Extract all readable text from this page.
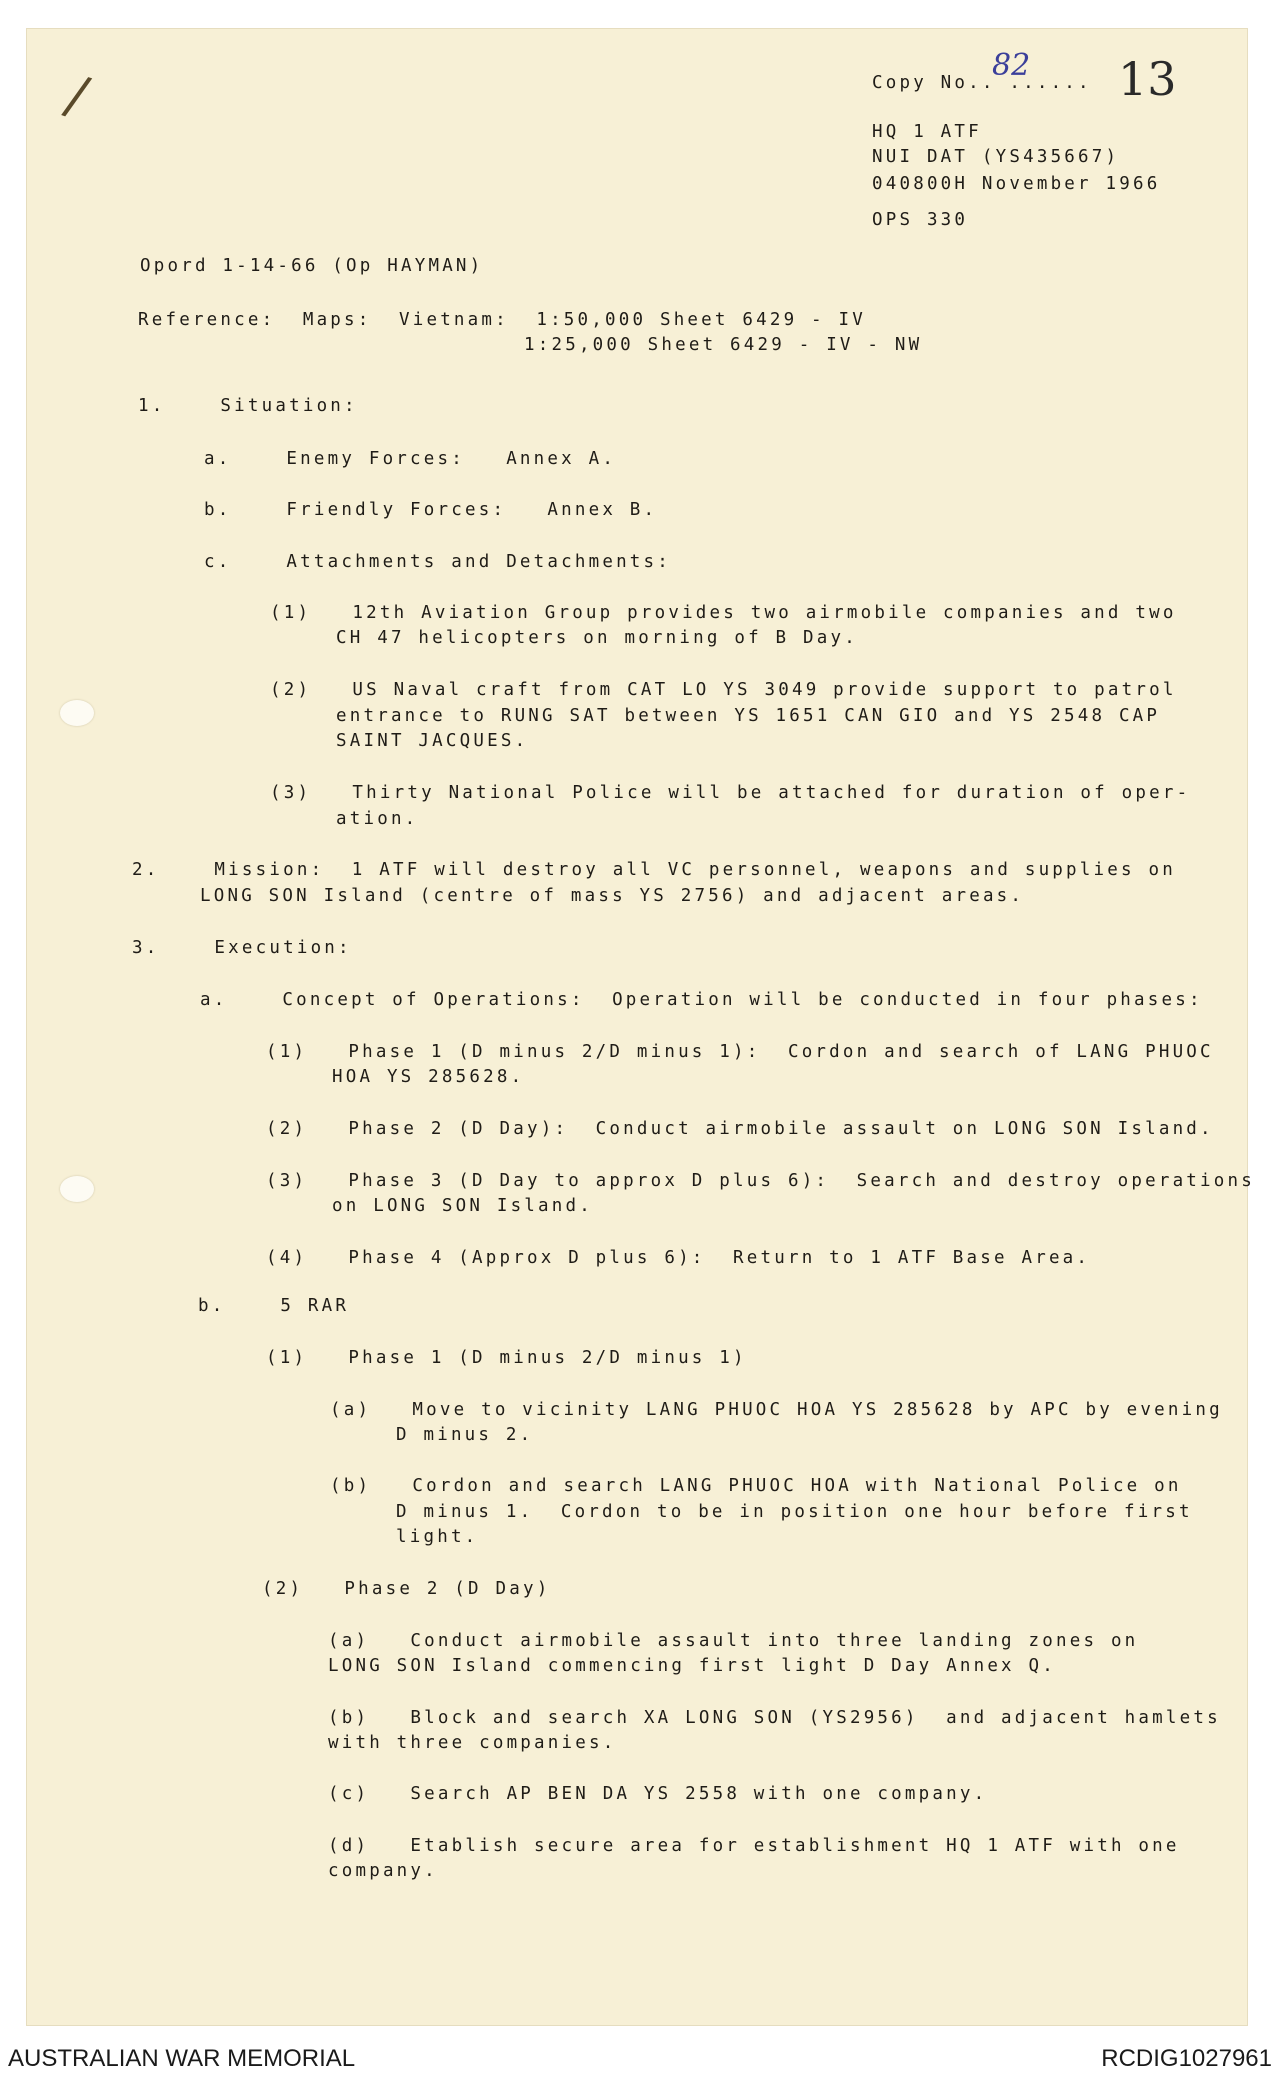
/	Copy No.. ......
82 13
HQ 1 ATF
NUI DAT (YS435667)
040800H November 1966
OPS 330
Opord 1-14-66 (Op HAYMAN)
Reference:  Maps:  Vietnam:  1:50,000 Sheet 6429 - IV
1:25,000 Sheet 6429 - IV - NW
1.    Situation:
a.    Enemy Forces:   Annex A.
b.    Friendly Forces:   Annex B.
c.    Attachments and Detachments:
(1)   12th Aviation Group provides two airmobile companies and two
CH 47 helicopters on morning of B Day.
(2)   US Naval craft from CAT LO YS 3049 provide support to patrol
entrance to RUNG SAT between YS 1651 CAN GIO and YS 2548 CAP
SAINT JACQUES.
(3)   Thirty National Police will be attached for duration of oper-
ation.
2.    Mission:  1 ATF will destroy all VC personnel, weapons and supplies on
LONG SON Island (centre of mass YS 2756) and adjacent areas.
3.    Execution:
a.    Concept of Operations:  Operation will be conducted in four phases:
(1)   Phase 1 (D minus 2/D minus 1):  Cordon and search of LANG PHUOC
HOA YS 285628.
(2)   Phase 2 (D Day):  Conduct airmobile assault on LONG SON Island.
(3)   Phase 3 (D Day to approx D plus 6):  Search and destroy operations
on LONG SON Island.
(4)   Phase 4 (Approx D plus 6):  Return to 1 ATF Base Area.
b.    5 RAR
(1)   Phase 1 (D minus 2/D minus 1)
(a)   Move to vicinity LANG PHUOC HOA YS 285628 by APC by evening
D minus 2.
(b)   Cordon and search LANG PHUOC HOA with National Police on
D minus 1.  Cordon to be in position one hour before first
light.
(2)   Phase 2 (D Day)
(a)   Conduct airmobile assault into three landing zones on
LONG SON Island commencing first light D Day Annex Q.
(b)   Block and search XA LONG SON (YS2956)  and adjacent hamlets
with three companies.
(c)   Search AP BEN DA YS 2558 with one company.
(d)   Etablish secure area for establishment HQ 1 ATF with one
company.
AUSTRALIAN WAR MEMORIAL	RCDIG1027961
